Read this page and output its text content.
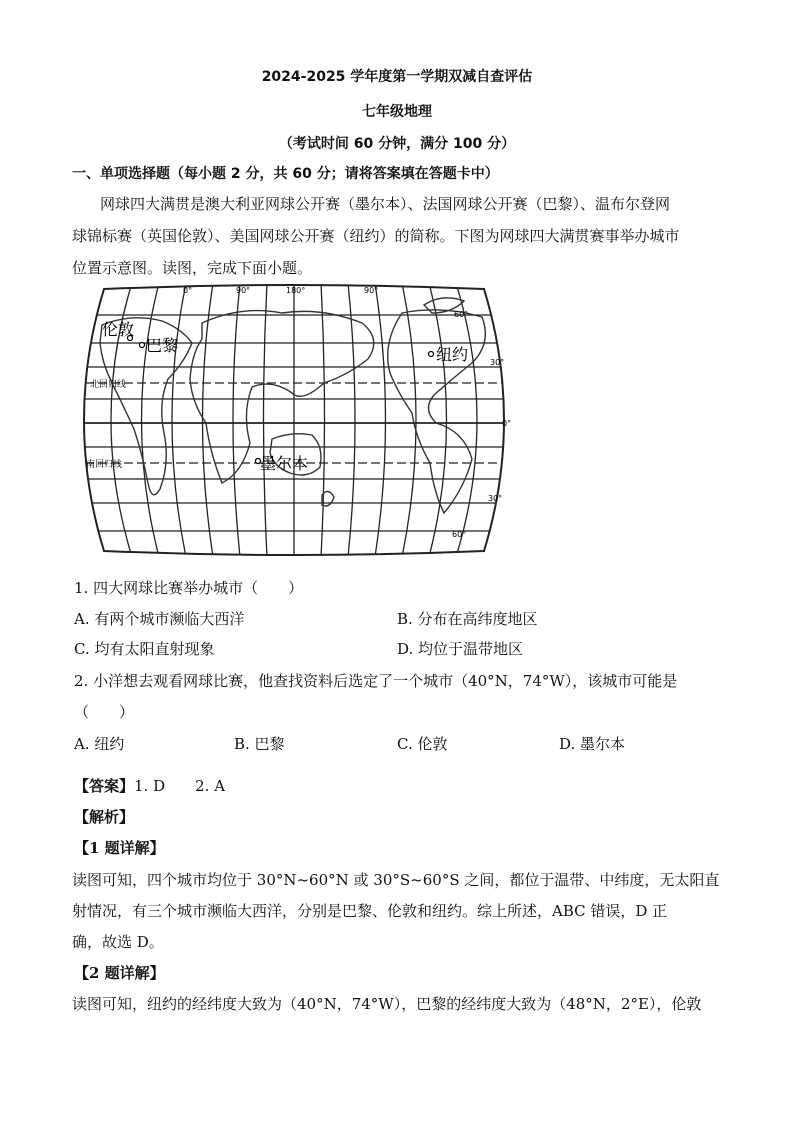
2024-2025 学年度第一学期双减自查评估
七年级地理
（考试时间 60 分钟，满分 100 分）
一、单项选择题（每小题 2 分，共 60 分；请将答案填在答题卡中）
网球四大满贯是澳大利亚网球公开赛（墨尔本）、法国网球公开赛（巴黎）、温布尔登网
球锦标赛（英国伦敦）、美国网球公开赛（纽约）的简称。下图为网球四大满贯赛事举办城市
位置示意图。读图，完成下面小题。
0°	90°	180°	90°
60°
30°
0°
30°
60°
北回归线
南回归线
伦敦
巴黎	纽约
墨尔本
1. 四大网球比赛举办城市（　　）
A. 有两个城市濒临大西洋	B. 分布在高纬度地区
C. 均有太阳直射现象	D. 均位于温带地区
2. 小洋想去观看网球比赛，他查找资料后选定了一个城市（40°N，74°W），该城市可能是
（　　）
A. 纽约	B. 巴黎	C. 伦敦	D. 墨尔本
【答案】1. D　　2. A
【解析】
【1 题详解】
读图可知，四个城市均位于 30°N~60°N 或 30°S~60°S 之间，都位于温带、中纬度，无太阳直
射情况，有三个城市濒临大西洋，分别是巴黎、伦敦和纽约。综上所述，ABC 错误，D 正
确，故选 D。
【2 题详解】
读图可知，纽约的经纬度大致为（40°N，74°W），巴黎的经纬度大致为（48°N，2°E），伦敦
